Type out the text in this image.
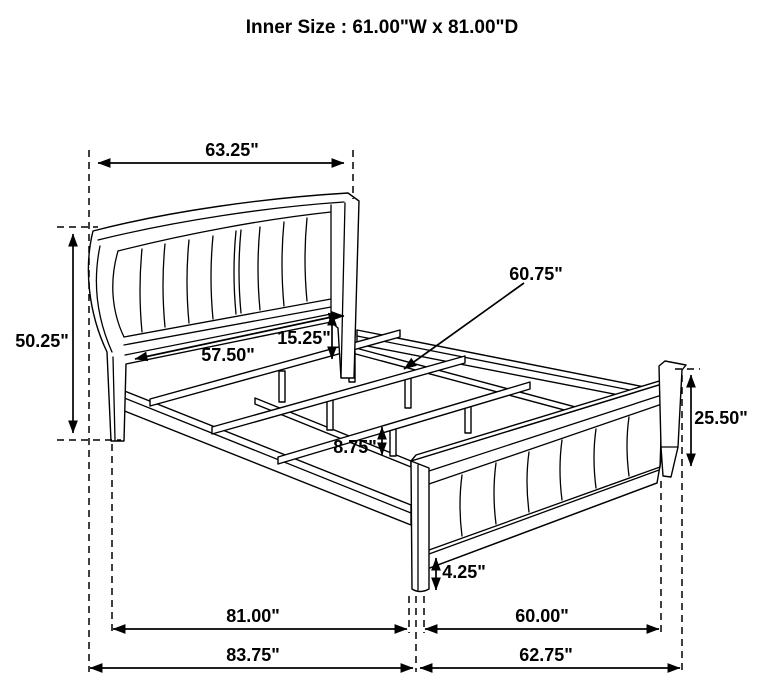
Inner Size : 61.00"W x 81.00"D
63.25"
50.25"
57.50"
15.25"
60.75"
8.75"
25.50"
4.25"
81.00"	60.00"
83.75"	62.75"
